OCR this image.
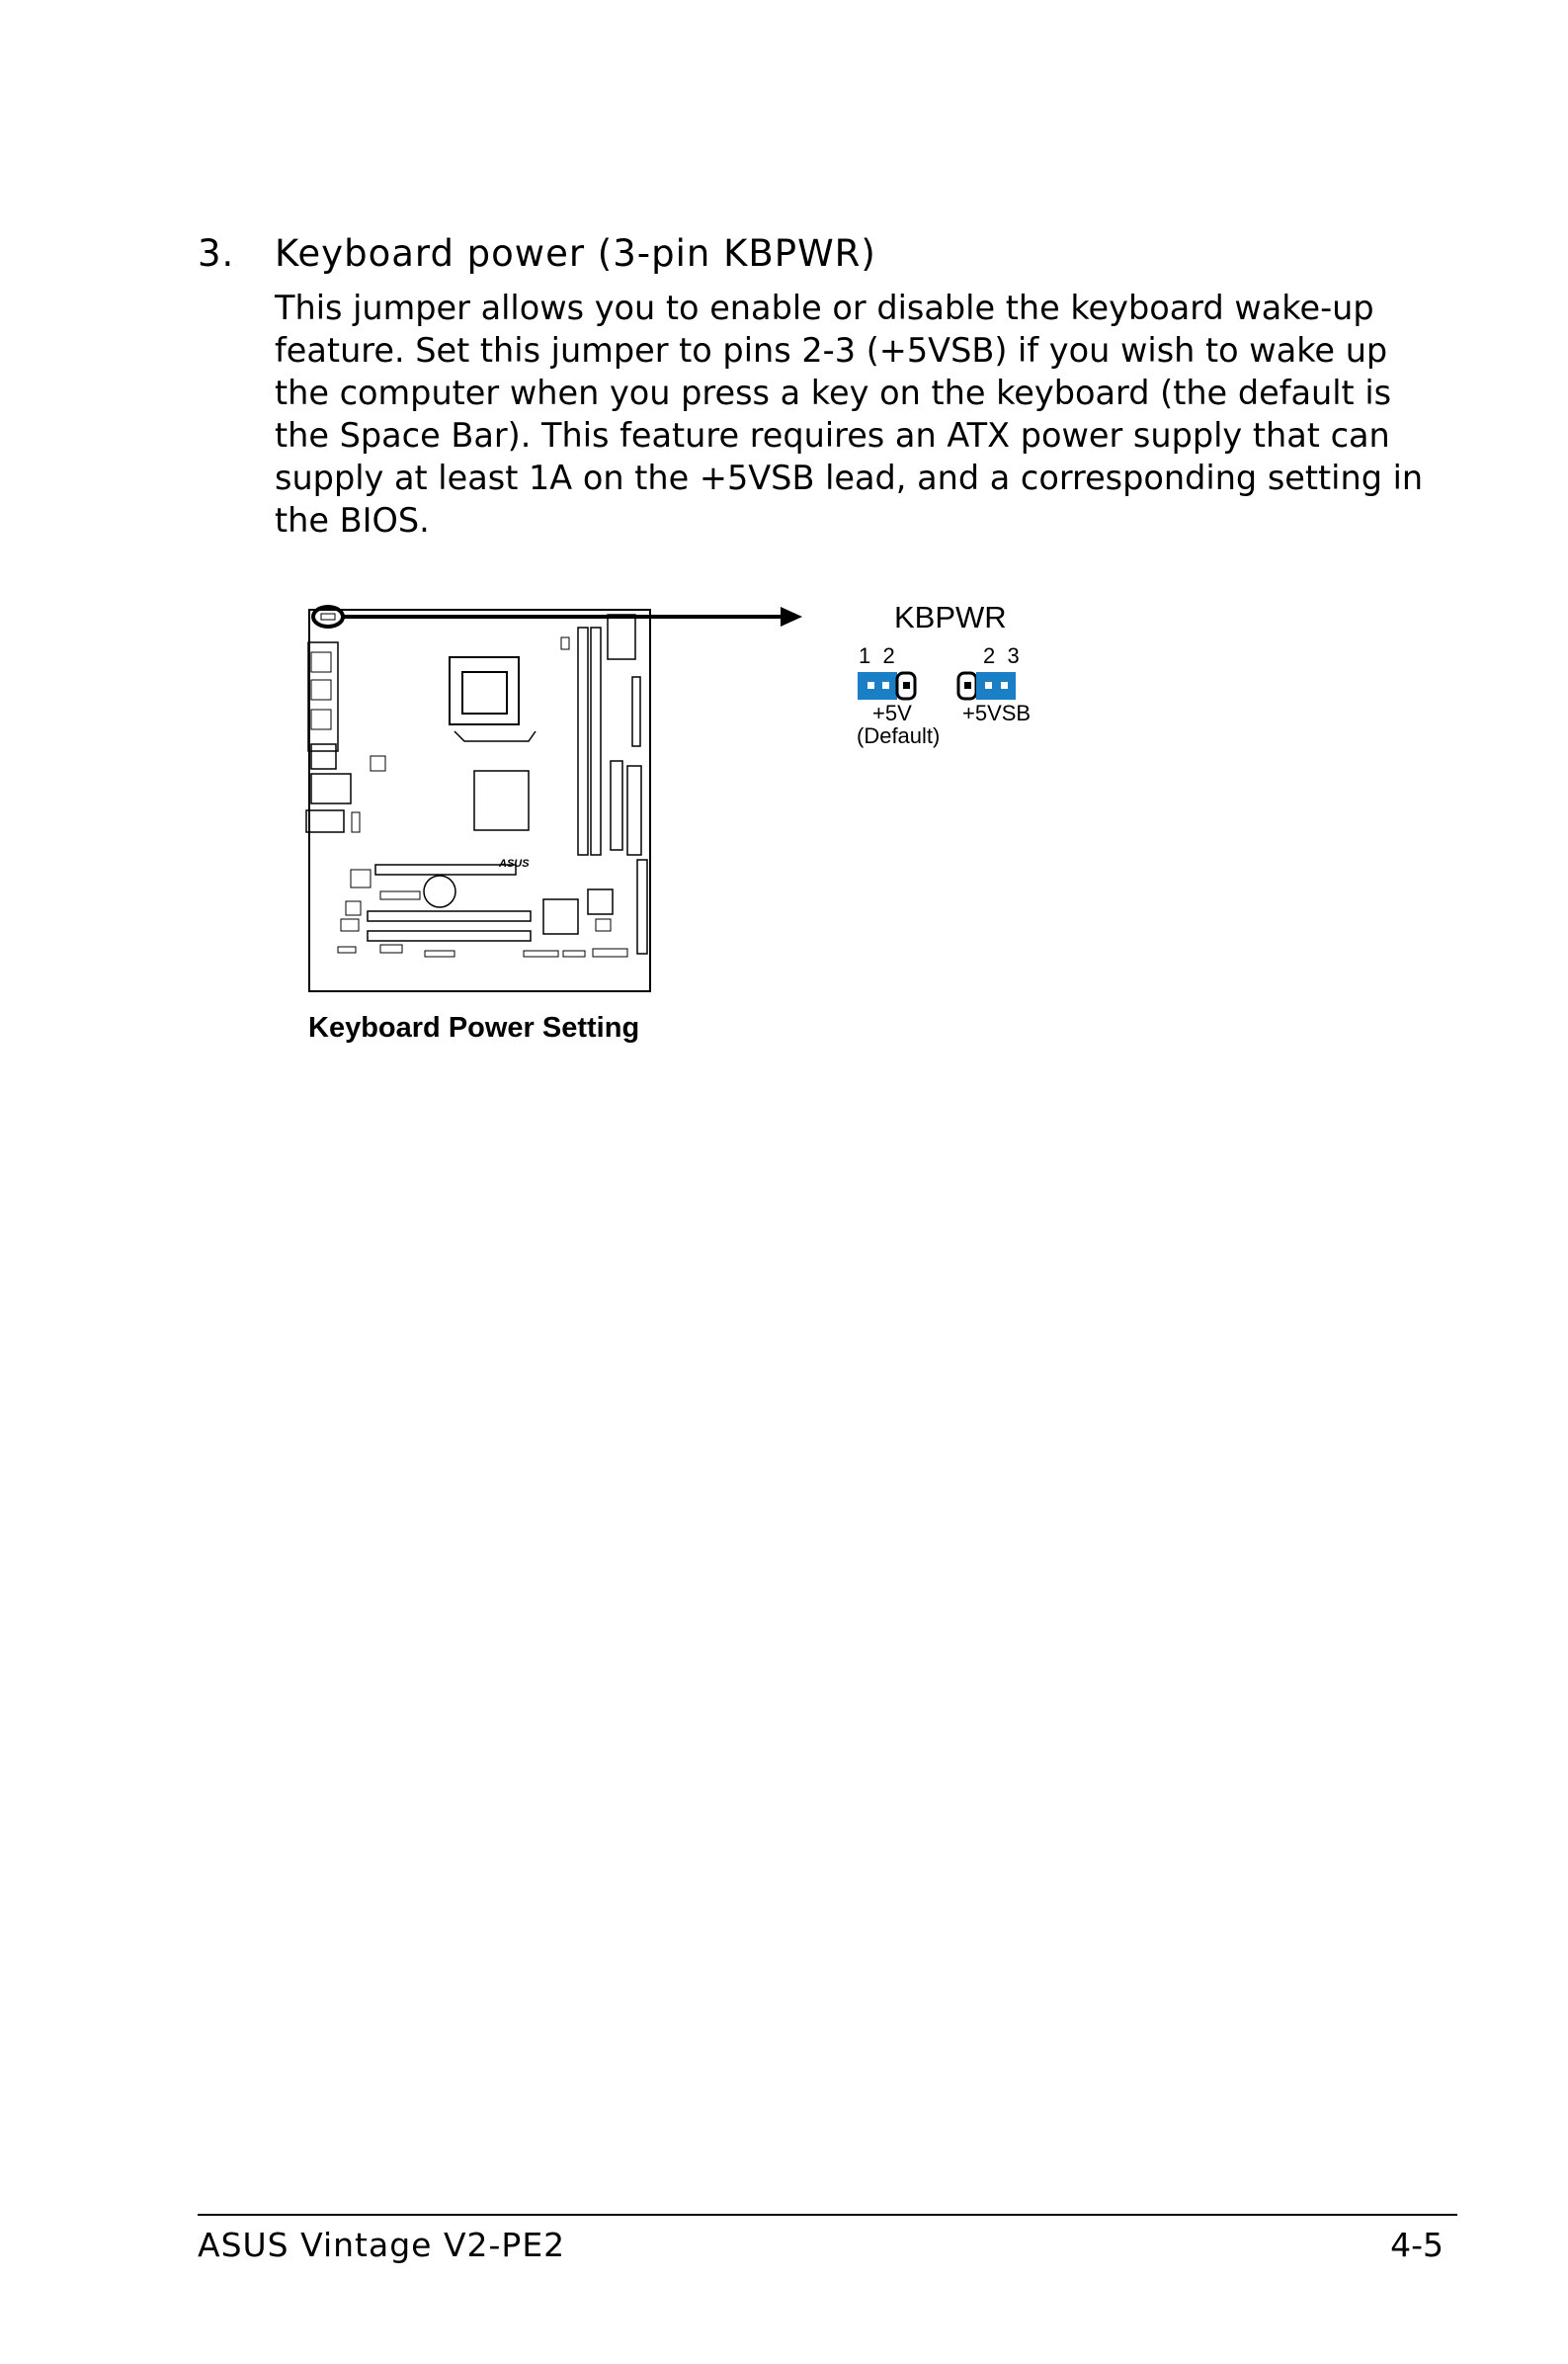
3. Keyboard power (3-pin KBPWR)
This jumper allows you to enable or disable the keyboard wake-up
feature. Set this jumper to pins 2-3 (+5VSB) if you wish to wake up
the computer when you press a key on the keyboard (the default is
the Space Bar). This feature requires an ATX power supply that can
supply at least 1A on the +5VSB lead, and a corresponding setting in
the BIOS.
ASUS
KBPWR
1  2
+5V
(Default)
2  3
+5VSB
Keyboard Power Setting
ASUS Vintage V2-PE2	4-5
